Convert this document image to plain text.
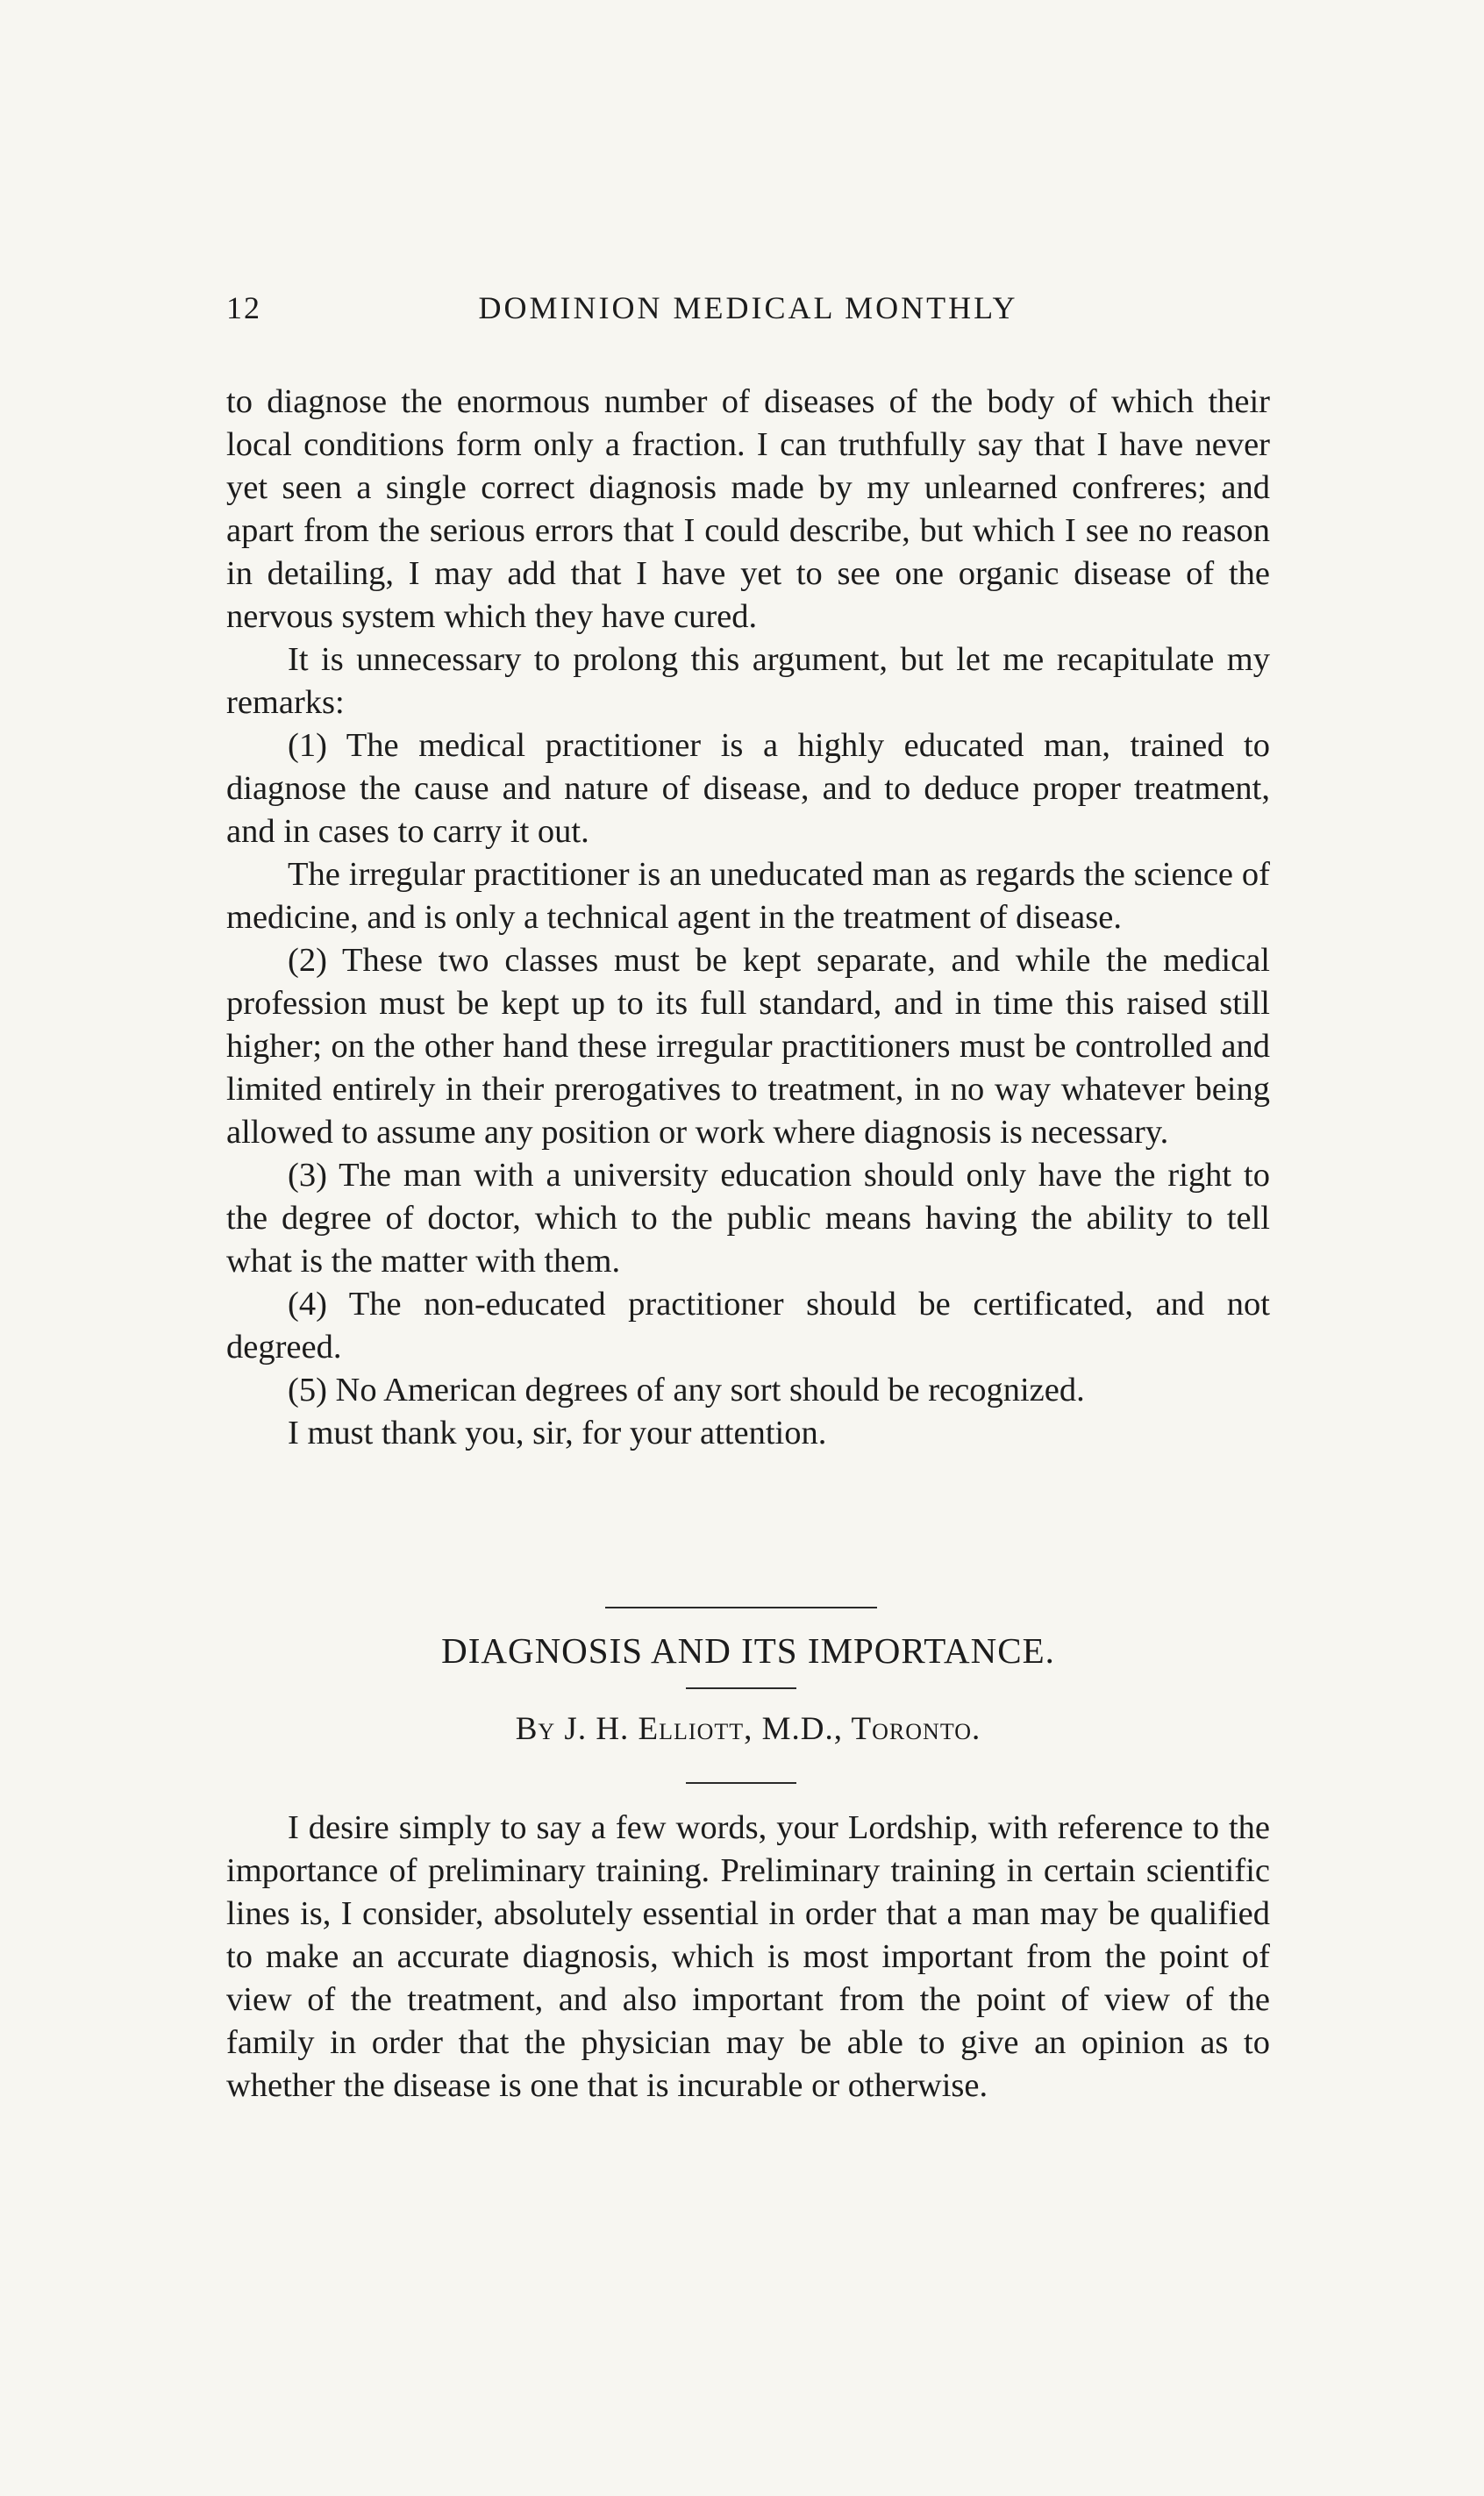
12	DOMINION MEDICAL MONTHLY

to diagnose the enormous number of diseases of the body of which their local conditions form only a fraction. I can truthfully say that I have never yet seen a single correct diagnosis made by my unlearned confreres; and apart from the serious errors that I could describe, but which I see no reason in detailing, I may add that I have yet to see one organic disease of the nervous system which they have cured.

It is unnecessary to prolong this argument, but let me recapitulate my remarks:

(1) The medical practitioner is a highly educated man, trained to diagnose the cause and nature of disease, and to deduce proper treatment, and in cases to carry it out.

The irregular practitioner is an uneducated man as regards the science of medicine, and is only a technical agent in the treatment of disease.

(2) These two classes must be kept separate, and while the medical profession must be kept up to its full standard, and in time this raised still higher; on the other hand these irregular practitioners must be controlled and limited entirely in their prerogatives to treatment, in no way whatever being allowed to assume any position or work where diagnosis is necessary.

(3) The man with a university education should only have the right to the degree of doctor, which to the public means having the ability to tell what is the matter with them.

(4) The non-educated practitioner should be certificated, and not degreed.

(5) No American degrees of any sort should be recognized.

I must thank you, sir, for your attention.

DIAGNOSIS AND ITS IMPORTANCE.
By J. H. Elliott, M.D., Toronto.

I desire simply to say a few words, your Lordship, with reference to the importance of preliminary training. Preliminary training in certain scientific lines is, I consider, absolutely essential in order that a man may be qualified to make an accurate diagnosis, which is most important from the point of view of the treatment, and also important from the point of view of the family in order that the physician may be able to give an opinion as to whether the disease is one that is incurable or otherwise.
